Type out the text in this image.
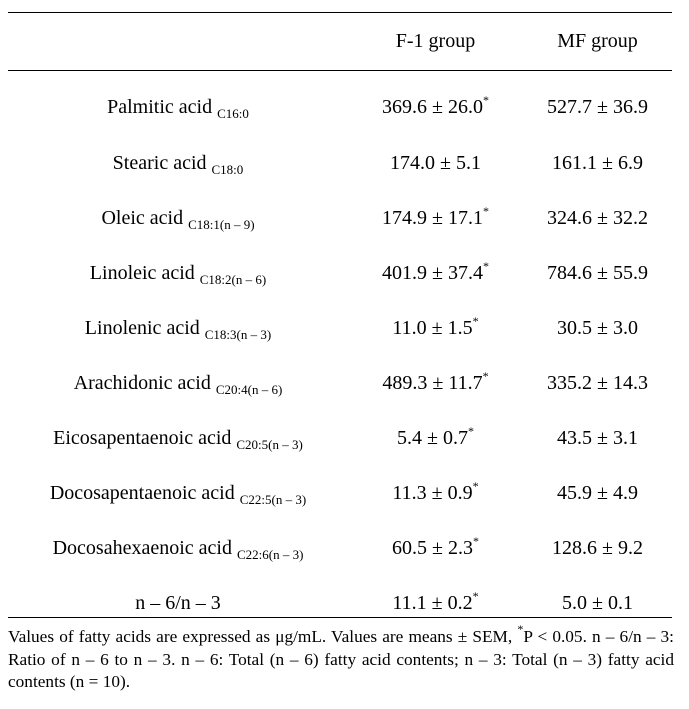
	F-1 group	MF group
Palmitic acid $_{C16:0}$	369.6 ± 26.0*	527.7 ± 36.9
Stearic acid $_{C18:0}$	174.0 ± 5.1	161.1 ± 6.9
Oleic acid $_{C18:1(n - 9)}$	174.9 ± 17.1*	324.6 ± 32.2
Linoleic acid $_{C18:2(n - 6)}$	401.9 ± 37.4*	784.6 ± 55.9
Linolenic acid $_{C18:3(n - 3)}$	11.0 ± 1.5*	30.5 ± 3.0
Arachidonic acid $_{C20:4(n - 6)}$	489.3 ± 11.7*	335.2 ± 14.3
Eicosapentaenoic acid $_{C20:5(n - 3)}$	5.4 ± 0.7*	43.5 ± 3.1
Docosapentaenoic acid $_{C22:5(n - 3)}$	11.3 ± 0.9*	45.9 ± 4.9
Docosahexaenoic acid $_{C22:6(n - 3)}$	60.5 ± 2.3*	128.6 ± 9.2
n – 6/n – 3	11.1 ± 0.2*	5.0 ± 0.1
Values of fatty acids are expressed as μg/mL. Values are means ± SEM, *P < 0.05. n – 6/n – 3: Ratio of n – 6 to n – 3. n – 6: Total (n – 6) fatty acid contents; n – 3: Total (n – 3) fatty acid contents (n = 10).
